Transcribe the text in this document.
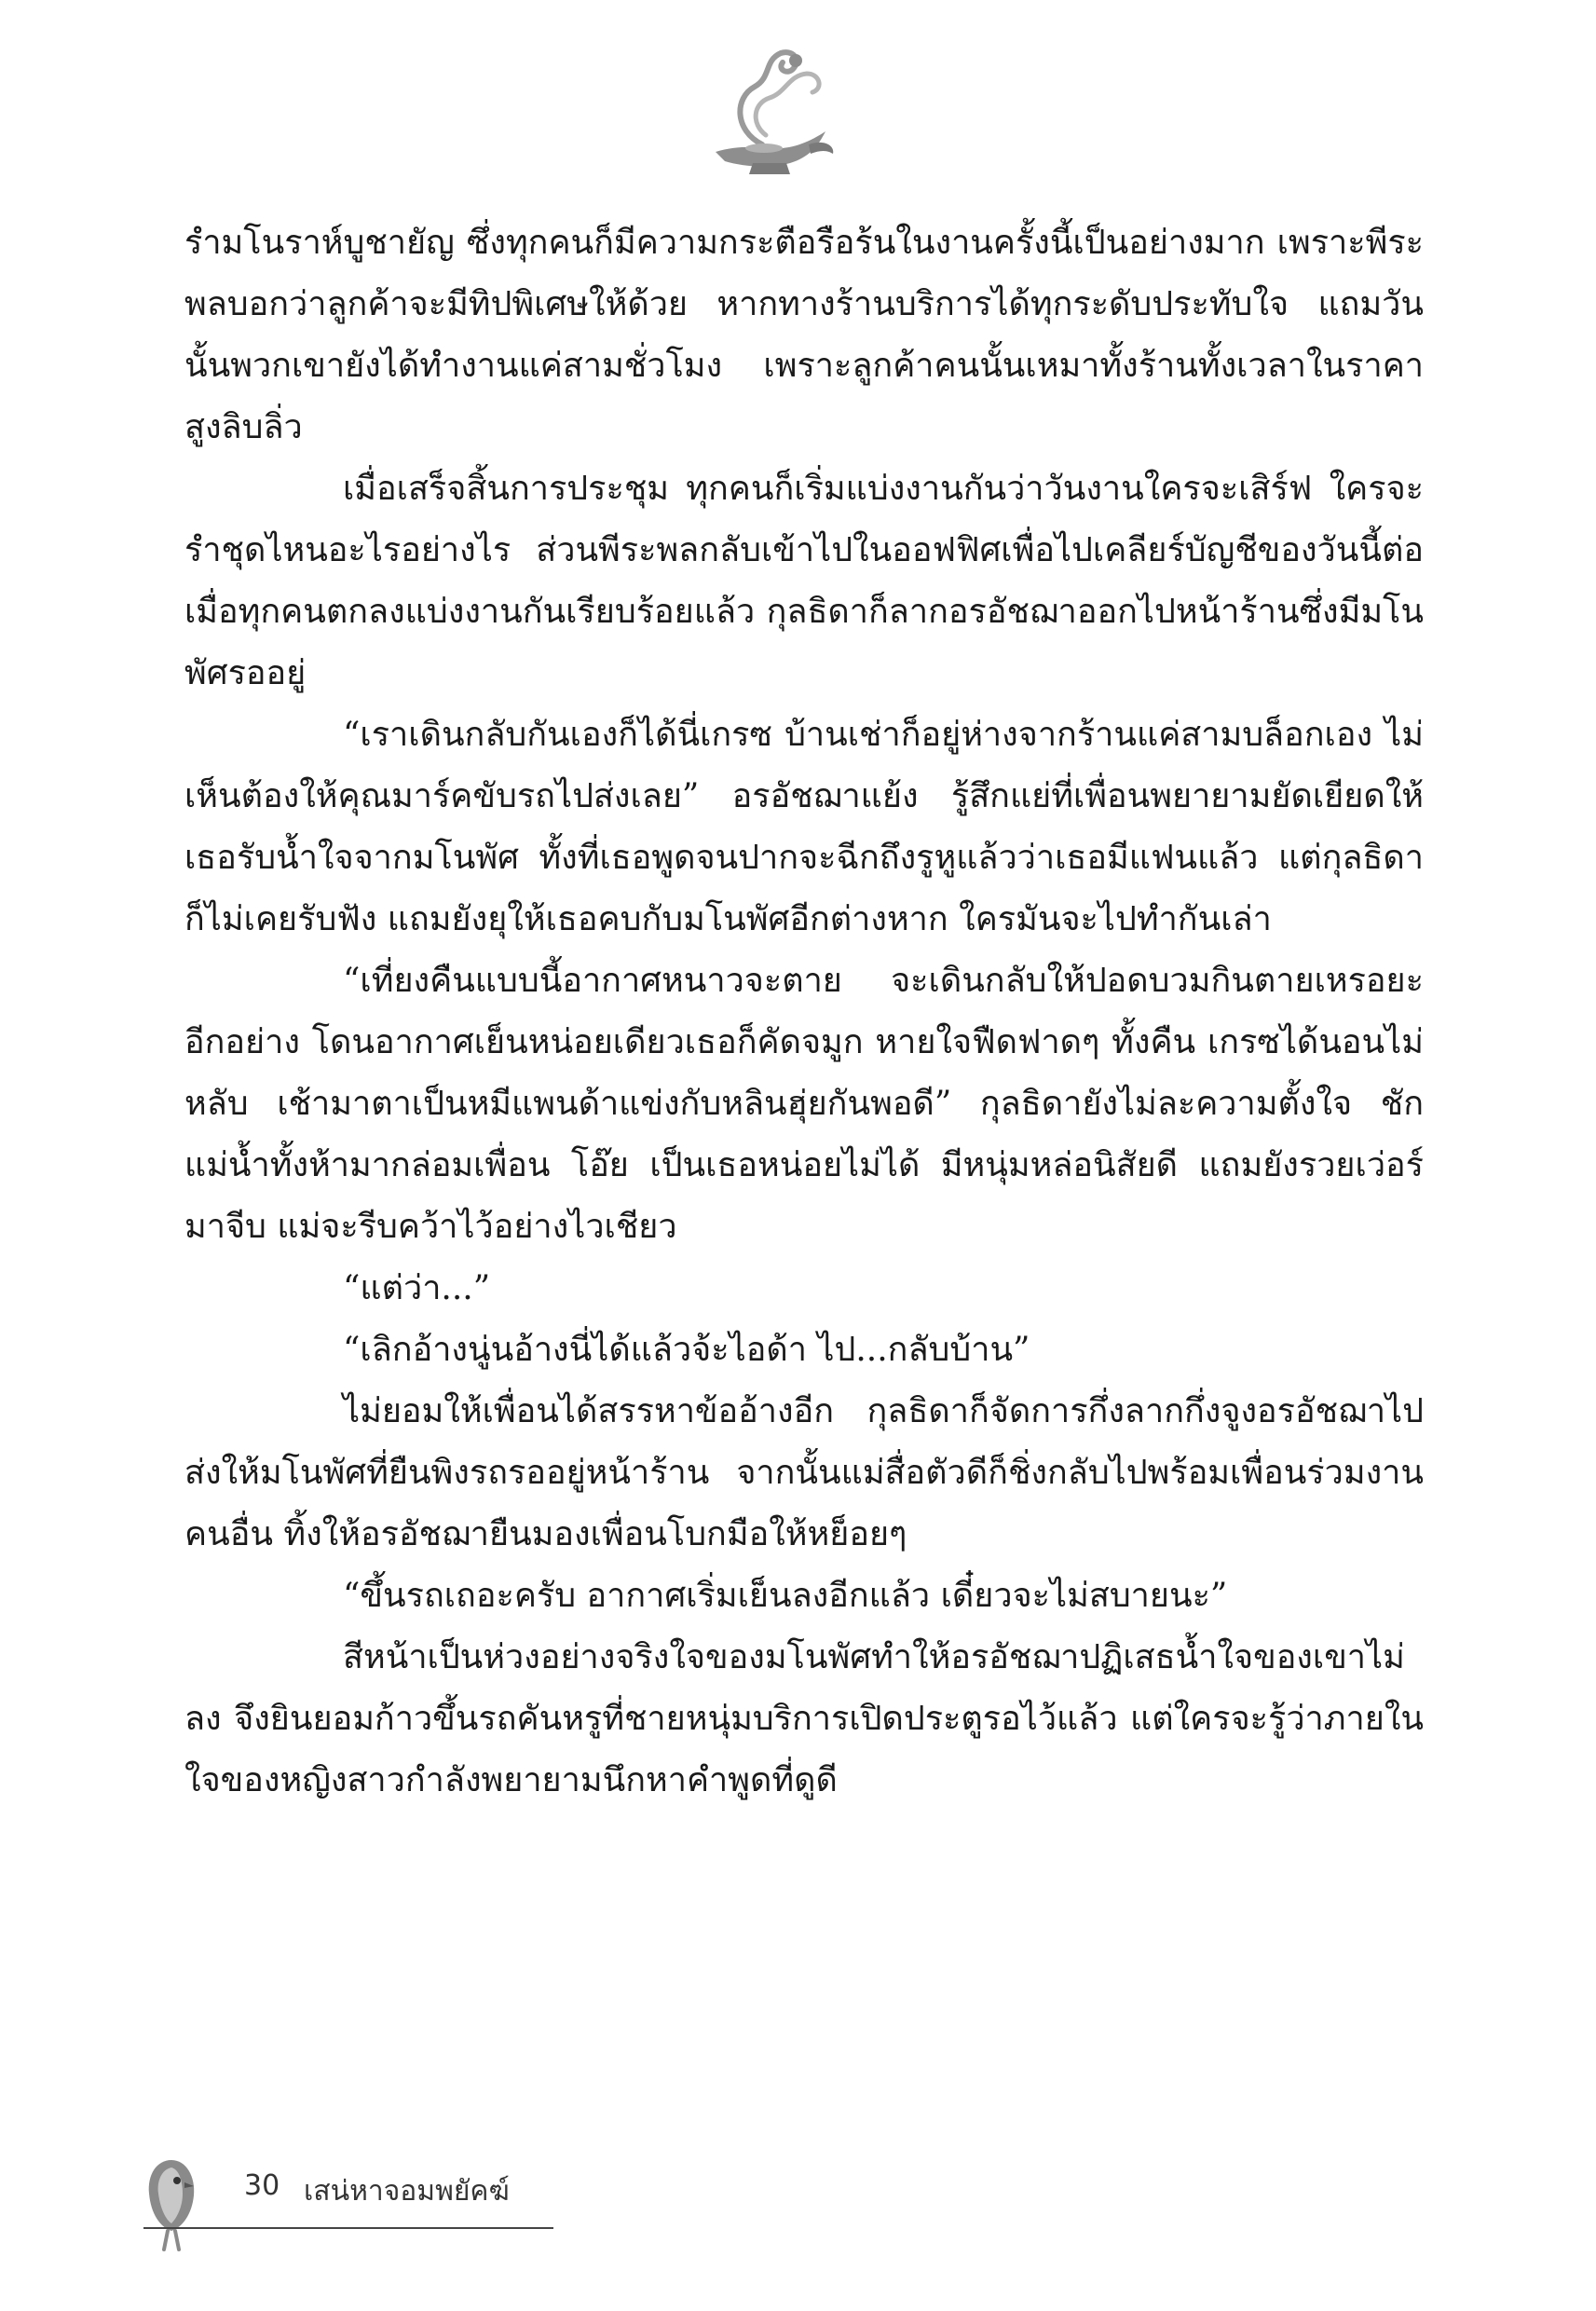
รำมโนราห์บูชายัญ ซึ่งทุกคนก็มีความกระตือรือร้นในงานครั้งนี้เป็นอย่างมาก เพราะพีระพลบอกว่าลูกค้าจะมีทิปพิเศษให้ด้วย หากทางร้านบริการได้ทุกระดับประทับใจ แถมวันนั้นพวกเขายังได้ทำงานแค่สามชั่วโมง เพราะลูกค้าคนนั้นเหมาทั้งร้านทั้งเวลาในราคาสูงลิบลิ่ว

เมื่อเสร็จสิ้นการประชุม ทุกคนก็เริ่มแบ่งงานกันว่าวันงานใครจะเสิร์ฟ ใครจะรำชุดไหนอะไรอย่างไร ส่วนพีระพลกลับเข้าไปในออฟฟิศเพื่อไปเคลียร์บัญชีของวันนี้ต่อ เมื่อทุกคนตกลงแบ่งงานกันเรียบร้อยแล้ว กุลธิดาก็ลากอรอัชฌาออกไปหน้าร้านซึ่งมีมโนพัศรออยู่

“เราเดินกลับกันเองก็ได้นี่เกรซ บ้านเช่าก็อยู่ห่างจากร้านแค่สามบล็อกเอง ไม่เห็นต้องให้คุณมาร์คขับรถไปส่งเลย” อรอัชฌาแย้ง รู้สึกแย่ที่เพื่อนพยายามยัดเยียดให้เธอรับน้ำใจจากมโนพัศ ทั้งที่เธอพูดจนปากจะฉีกถึงรูหูแล้วว่าเธอมีแฟนแล้ว แต่กุลธิดาก็ไม่เคยรับฟัง แถมยังยุให้เธอคบกับมโนพัศอีกต่างหาก ใครมันจะไปทำกันเล่า

“เที่ยงคืนแบบนี้อากาศหนาวจะตาย จะเดินกลับให้ปอดบวมกินตายเหรอยะ อีกอย่าง โดนอากาศเย็นหน่อยเดียวเธอก็คัดจมูก หายใจฟืดฟาดๆ ทั้งคืน เกรซได้นอนไม่หลับ เช้ามาตาเป็นหมีแพนด้าแข่งกับหลินฮุ่ยกันพอดี” กุลธิดายังไม่ละความตั้งใจ ชักแม่น้ำทั้งห้ามากล่อมเพื่อน โอ๊ย เป็นเธอหน่อยไม่ได้ มีหนุ่มหล่อนิสัยดี แถมยังรวยเว่อร์มาจีบ แม่จะรีบคว้าไว้อย่างไวเชียว

“แต่ว่า...”

“เลิกอ้างนู่นอ้างนี่ได้แล้วจ้ะไอด้า ไป...กลับบ้าน”

ไม่ยอมให้เพื่อนได้สรรหาข้ออ้างอีก กุลธิดาก็จัดการกึ่งลากกึ่งจูงอรอัชฌาไปส่งให้มโนพัศที่ยืนพิงรถรออยู่หน้าร้าน จากนั้นแม่สื่อตัวดีก็ชิ่งกลับไปพร้อมเพื่อนร่วมงานคนอื่น ทิ้งให้อรอัชฌายืนมองเพื่อนโบกมือให้หย็อยๆ

“ขึ้นรถเถอะครับ อากาศเริ่มเย็นลงอีกแล้ว เดี๋ยวจะไม่สบายนะ”

สีหน้าเป็นห่วงอย่างจริงใจของมโนพัศทำให้อรอัชฌาปฏิเสธน้ำใจของเขาไม่ลง จึงยินยอมก้าวขึ้นรถคันหรูที่ชายหนุ่มบริการเปิดประตูรอไว้แล้ว แต่ใครจะรู้ว่าภายในใจของหญิงสาวกำลังพยายามนึกหาคำพูดที่ดูดี

30 เสน่หาจอมพยัคฆ์
